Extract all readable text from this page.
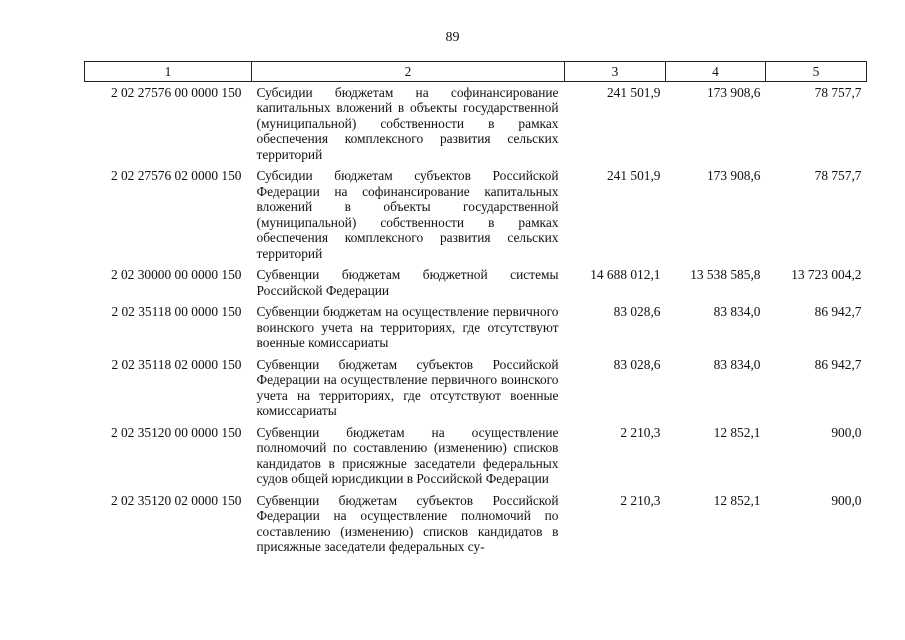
89
1	2	3	4	5
2 02 27576 00 0000 150	Субсидии бюджетам на софинансирование капитальных вложений в объекты государственной (муниципальной) собственности в рамках обеспечения комплексного развития сельских территорий	241 501,9	173 908,6	78 757,7
2 02 27576 02 0000 150	Субсидии бюджетам субъектов Российской Федерации на софинансирование капитальных вложений в объекты государственной (муниципальной) собственности в рамках обеспечения комплексного развития сельских территорий	241 501,9	173 908,6	78 757,7
2 02 30000 00 0000 150	Субвенции бюджетам бюджетной системы Российской Федерации	14 688 012,1	13 538 585,8	13 723 004,2
2 02 35118 00 0000 150	Субвенции бюджетам на осуществление первичного воинского учета на территориях, где отсутствуют военные комиссариаты	83 028,6	83 834,0	86 942,7
2 02 35118 02 0000 150	Субвенции бюджетам субъектов Российской Федерации на осуществление первичного воинского учета на территориях, где отсутствуют военные комиссариаты	83 028,6	83 834,0	86 942,7
2 02 35120 00 0000 150	Субвенции бюджетам на осуществление полномочий по составлению (изменению) списков кандидатов в присяжные заседатели федеральных судов общей юрисдикции в Российской Федерации	2 210,3	12 852,1	900,0
2 02 35120 02 0000 150	Субвенции бюджетам субъектов Российской Федерации на осуществление полномочий по составлению (изменению) списков кандидатов в присяжные заседатели федеральных су-	2 210,3	12 852,1	900,0
